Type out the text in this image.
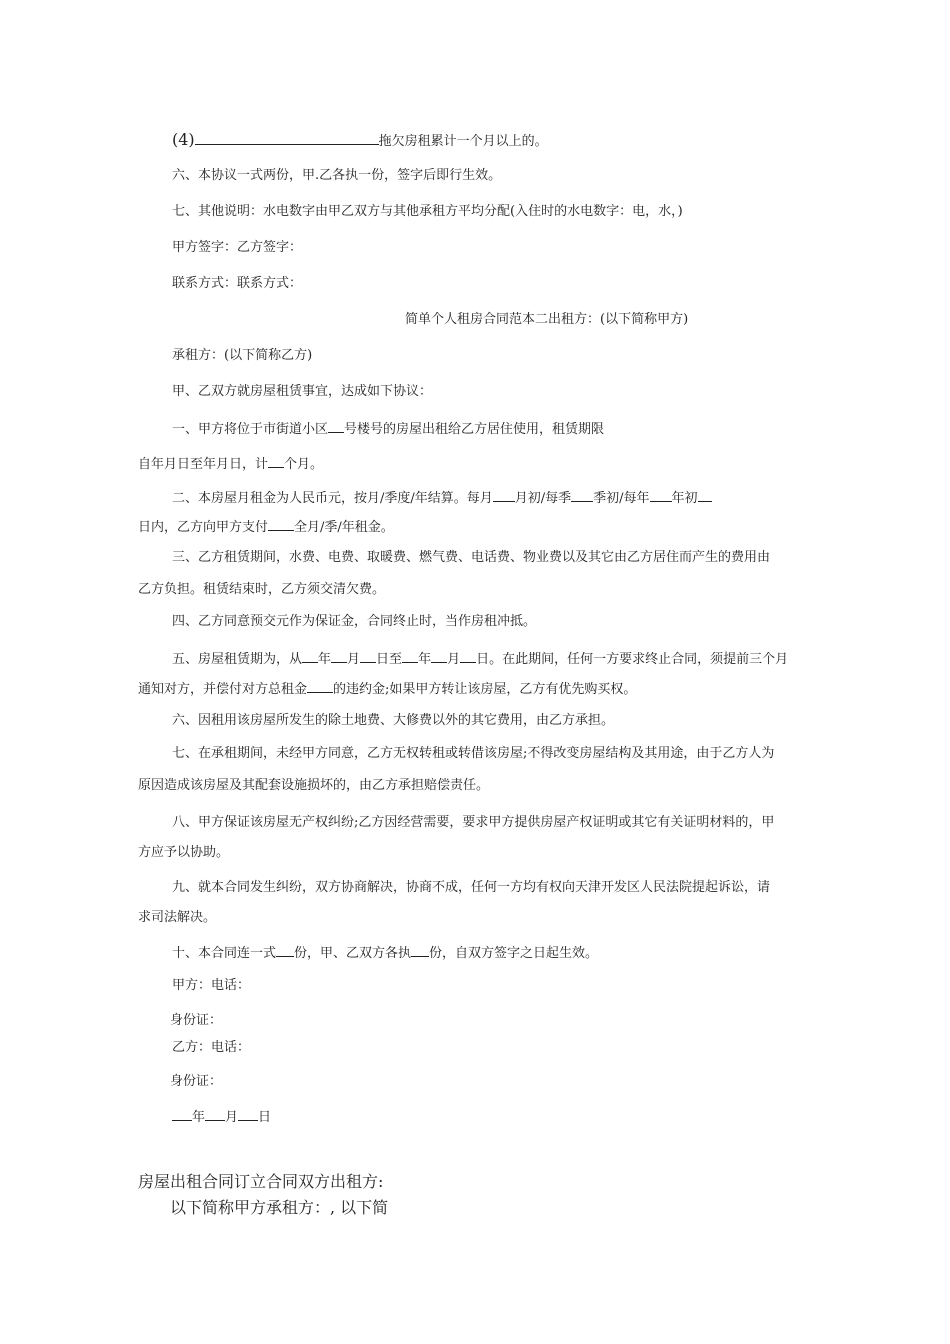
(4)	拖欠房租累计一个月以上的。
六、本协议一式两份，甲.乙各执一份，签字后即行生效。
七、其他说明：水电数字由甲乙双方与其他承租方平均分配(入住时的水电数字：电，水，)
甲方签字：乙方签字：
联系方式：联系方式：
简单个人租房合同范本二出租方：(以下简称甲方)
承租方：(以下简称乙方)
甲、乙双方就房屋租赁事宜，达成如下协议：
一、甲方将位于市街道小区 号楼号的房屋出租给乙方居住使用，租赁期限
自年月日至年月日，计 个月。
二、本房屋月租金为人民币元，按月/季度/年结算。每月 月初/每季 季初/每年 年初
日内，乙方向甲方支付 全月/季/年租金。
三、乙方租赁期间，水费、电费、取暖费、燃气费、电话费、物业费以及其它由乙方居住而产生的费用由
乙方负担。租赁结束时，乙方须交清欠费。
四、乙方同意预交元作为保证金，合同终止时，当作房租冲抵。
五、房屋租赁期为，从 年 月 日至 年 月 日。在此期间，任何一方要求终止合同，须提前三个月
通知对方，并偿付对方总租金 的违约金;如果甲方转让该房屋，乙方有优先购买权。
六、因租用该房屋所发生的除土地费、大修费以外的其它费用，由乙方承担。
七、在承租期间，未经甲方同意，乙方无权转租或转借该房屋;不得改变房屋结构及其用途，由于乙方人为
原因造成该房屋及其配套设施损坏的，由乙方承担赔偿责任。
八、甲方保证该房屋无产权纠纷;乙方因经营需要，要求甲方提供房屋产权证明或其它有关证明材料的，甲
方应予以协助。
九、就本合同发生纠纷，双方协商解决，协商不成，任何一方均有权向天津开发区人民法院提起诉讼，请
求司法解决。
十、本合同连一式 份，甲、乙双方各执 份，自双方签字之日起生效。
甲方：电话：
身份证：
乙方：电话：
身份证：
年 月 日
房屋出租合同订立合同双方出租方:
以下简称甲方承租方：, 以下简
